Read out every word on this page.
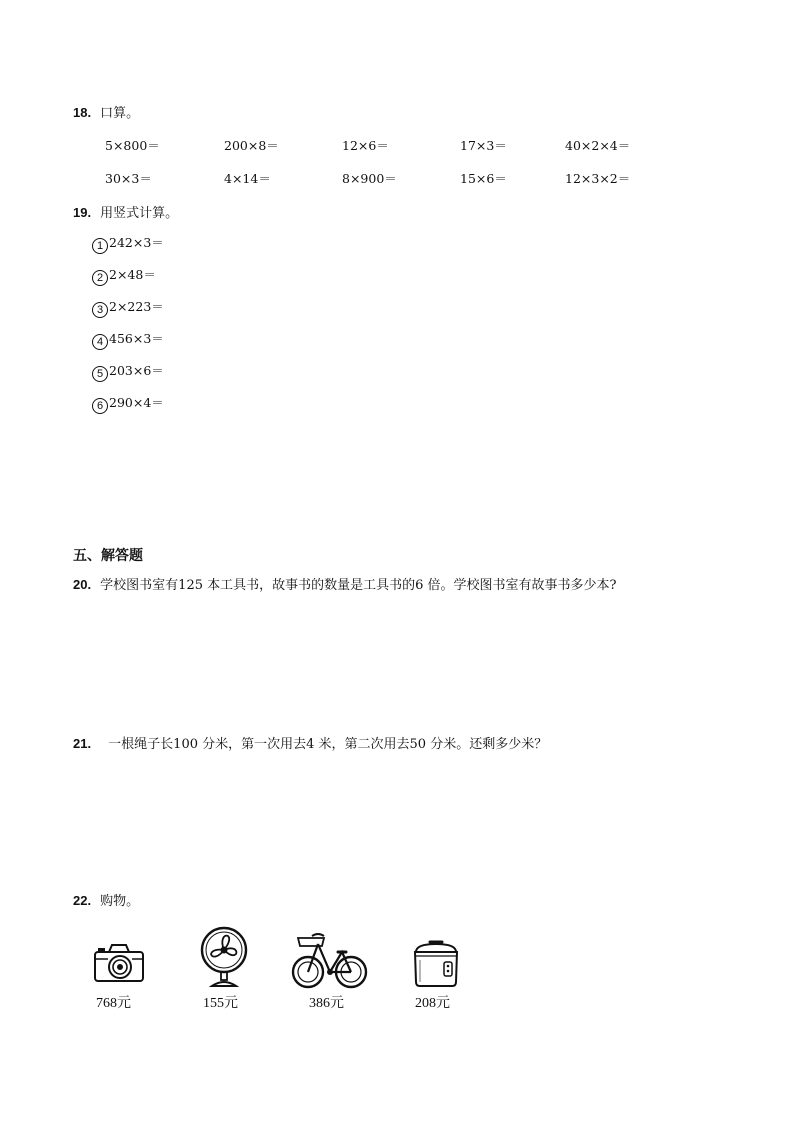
18. 口算。
5×800＝	200×8＝	12×6＝	17×3＝	40×2×4＝
30×3＝	4×14＝	8×900＝	15×6＝	12×3×2＝
19. 用竖式计算。
1 242×3＝
2 2×48＝
3 2×223＝
4 456×3＝
5 203×6＝
6 290×4＝
五、解答题
20. 学校图书室有125 本工具书，故事书的数量是工具书的6 倍。学校图书室有故事书多少本?
21. 一根绳子长100 分米，第一次用去4 米，第二次用去50 分米。还剩多少米？
22. 购物。
768元	155元	386元	208元
